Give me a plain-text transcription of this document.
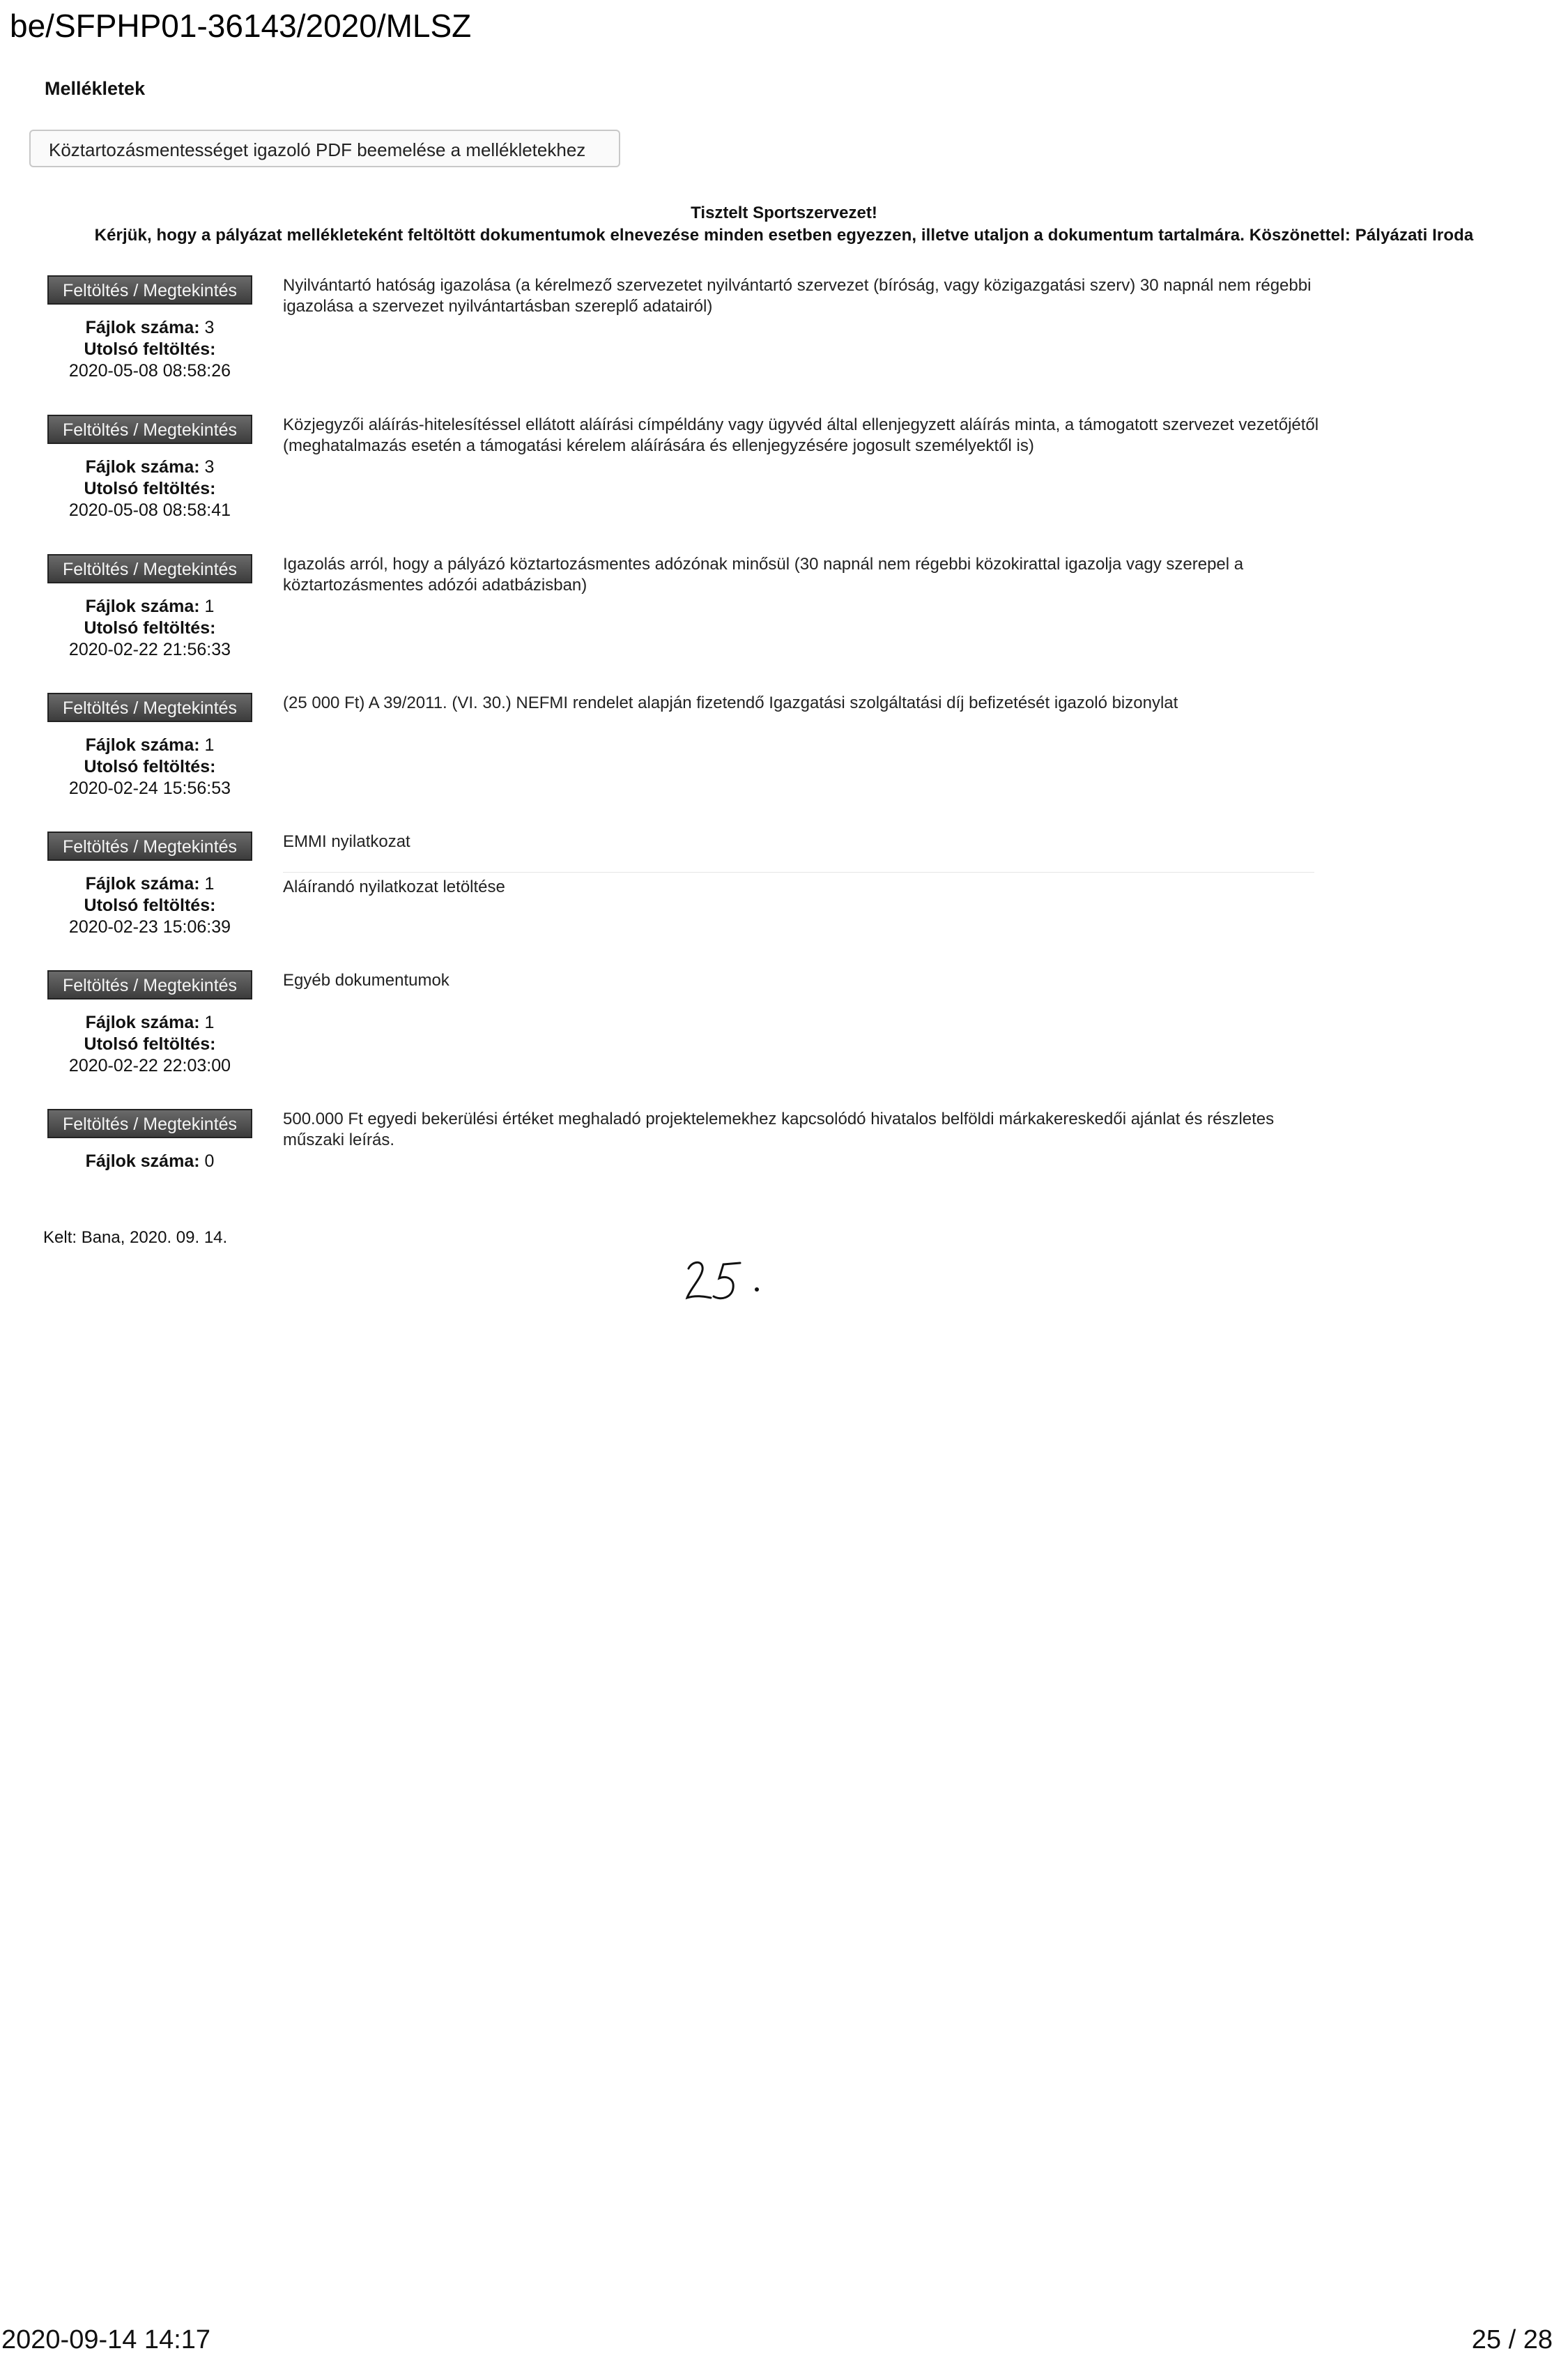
be/SFPHP01-36143/2020/MLSZ
Mellékletek
Köztartozásmentességet igazoló PDF beemelése a mellékletekhez
Tisztelt Sportszervezet!
Kérjük, hogy a pályázat mellékleteként feltöltött dokumentumok elnevezése minden esetben egyezzen, illetve utaljon a dokumentum tartalmára. Köszönettel: Pályázati Iroda
Feltöltés / Megtekintés
Fájlok száma: 3
Utolsó feltöltés:
2020-05-08 08:58:26
Nyilvántartó hatóság igazolása (a kérelmező szervezetet nyilvántartó szervezet (bíróság, vagy közigazgatási szerv) 30 napnál nem régebbi igazolása a szervezet nyilvántartásban szereplő adatairól)
Feltöltés / Megtekintés
Fájlok száma: 3
Utolsó feltöltés:
2020-05-08 08:58:41
Közjegyzői aláírás-hitelesítéssel ellátott aláírási címpéldány vagy ügyvéd által ellenjegyzett aláírás minta, a támogatott szervezet vezetőjétől (meghatalmazás esetén a támogatási kérelem aláírására és ellenjegyzésére jogosult személyektől is)
Feltöltés / Megtekintés
Fájlok száma: 1
Utolsó feltöltés:
2020-02-22 21:56:33
Igazolás arról, hogy a pályázó köztartozásmentes adózónak minősül (30 napnál nem régebbi közokirattal igazolja vagy szerepel a köztartozásmentes adózói adatbázisban)
Feltöltés / Megtekintés
Fájlok száma: 1
Utolsó feltöltés:
2020-02-24 15:56:53
(25 000 Ft) A 39/2011. (VI. 30.) NEFMI rendelet alapján fizetendő Igazgatási szolgáltatási díj befizetését igazoló bizonylat
Feltöltés / Megtekintés
Fájlok száma: 1
Utolsó feltöltés:
2020-02-23 15:06:39
EMMI nyilatkozat
Aláírandó nyilatkozat letöltése
Feltöltés / Megtekintés
Fájlok száma: 1
Utolsó feltöltés:
2020-02-22 22:03:00
Egyéb dokumentumok
Feltöltés / Megtekintés
Fájlok száma: 0
500.000 Ft egyedi bekerülési értéket meghaladó projektelemekhez kapcsolódó hivatalos belföldi márkakereskedői ajánlat és részletes műszaki leírás.
Kelt: Bana, 2020. 09. 14.
2020-09-14 14:17	25 / 28
